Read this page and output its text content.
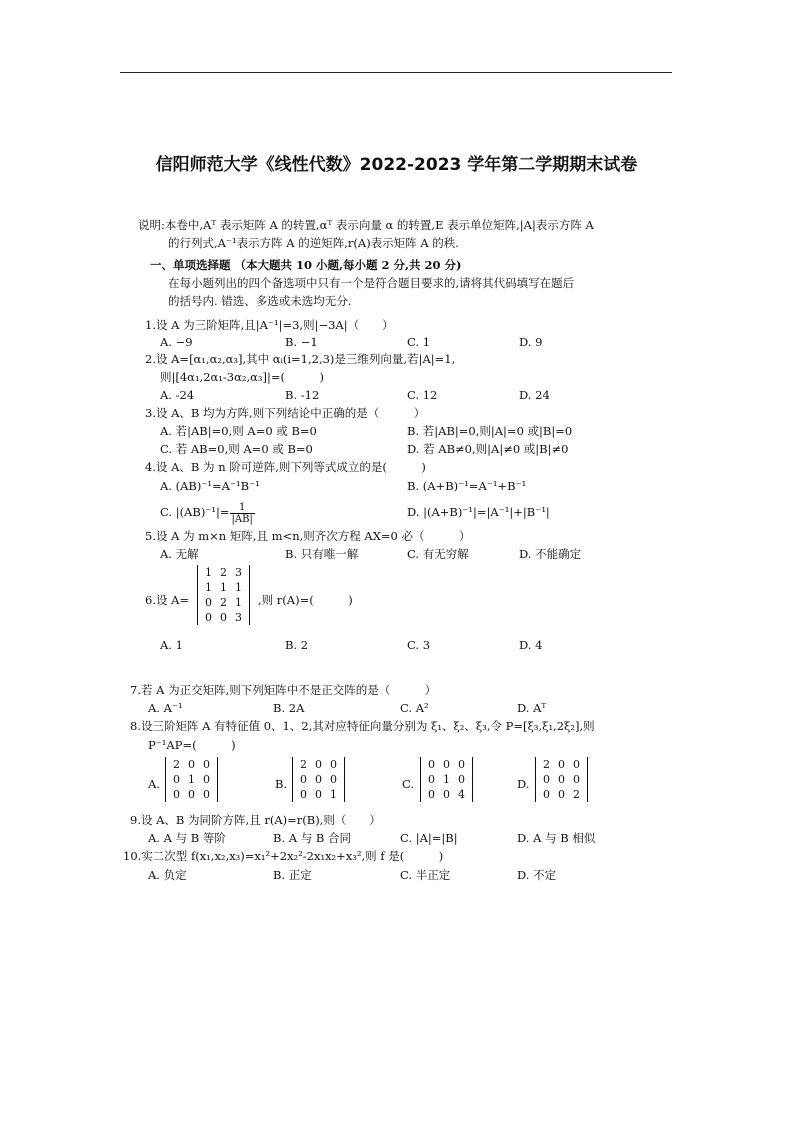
信阳师范大学《线性代数》2022-2023 学年第二学期期末试卷
说明:本卷中,Aᵀ 表示矩阵 A 的转置,αᵀ 表示向量 α 的转置,E 表示单位矩阵,|A|表示方阵 A
的行列式,A⁻¹表示方阵 A 的逆矩阵,r(A)表示矩阵 A 的秩.
一、单项选择题 （本大题共 10 小题,每小题 2 分,共 20 分)
在每小题列出的四个备选项中只有一个是符合题目要求的,请将其代码填写在题后
的括号内. 错选、多选或未选均无分.
1.设 A 为三阶矩阵,且|A⁻¹|=3,则|−3A|（　　）
A. −9	B. −1	C. 1	D. 9
2.设 A=[α₁,α₂,α₃],其中 αᵢ(i=1,2,3)是三维列向量,若|A|=1,
则|[4α₁,2α₁-3α₂,α₃]|=(　　　)
A. -24	B. -12	C. 12	D. 24
3.设 A、B 均为方阵,则下列结论中正确的是（　　　）
A. 若|AB|=0,则 A=0 或 B=0	B. 若|AB|=0,则|A|=0 或|B|=0
C. 若 AB=0,则 A=0 或 B=0	D. 若 AB≠0,则|A|≠0 或|B|≠0
4.设 A、B 为 n 阶可逆阵,则下列等式成立的是(　　　)
A. (AB)⁻¹=A⁻¹B⁻¹	B. (A+B)⁻¹=A⁻¹+B⁻¹
C. $|(AB)^{-1}|= \frac{1}{|AB|}$	D. |(A+B)⁻¹|=|A⁻¹|+|B⁻¹|
5.设 A 为 m×n 矩阵,且 m<n,则齐次方程 AX=0 必（　　　）
A. 无解	B. 只有唯一解	C. 有无穷解	D. 不能确定
6.设 A=
1	2	3
1	1	1
0	2	1
0	0	3
,则 r(A)=(　　　)
A. 1	B. 2	C. 3	D. 4
7.若 A 为正交矩阵,则下列矩阵中不是正交阵的是（　　　）
A. A⁻¹	B. 2A	C. A²	D. Aᵀ
8.设三阶矩阵 A 有特征值 0、1、2,其对应特征向量分别为 ξ₁、ξ₂、ξ₃,令 P=[ξ₃,ξ₁,2ξ₂],则
P⁻¹AP=(　　　)
A.
2	0	0
0	1	0
0	0	0
B.
2	0	0
0	0	0
0	0	1
C.
0	0	0
0	1	0
0	0	4
D.
2	0	0
0	0	0
0	0	2
9.设 A、B 为同阶方阵,且 r(A)=r(B),则（　　）
A. A 与 B 等阶	B. A 与 B 合同	C. |A|=|B|	D. A 与 B 相似
10.实二次型 f(x₁,x₂,x₃)=x₁²+2x₂²-2x₁x₂+x₃²,则 f 是(　　　)
A. 负定	B. 正定	C. 半正定	D. 不定
